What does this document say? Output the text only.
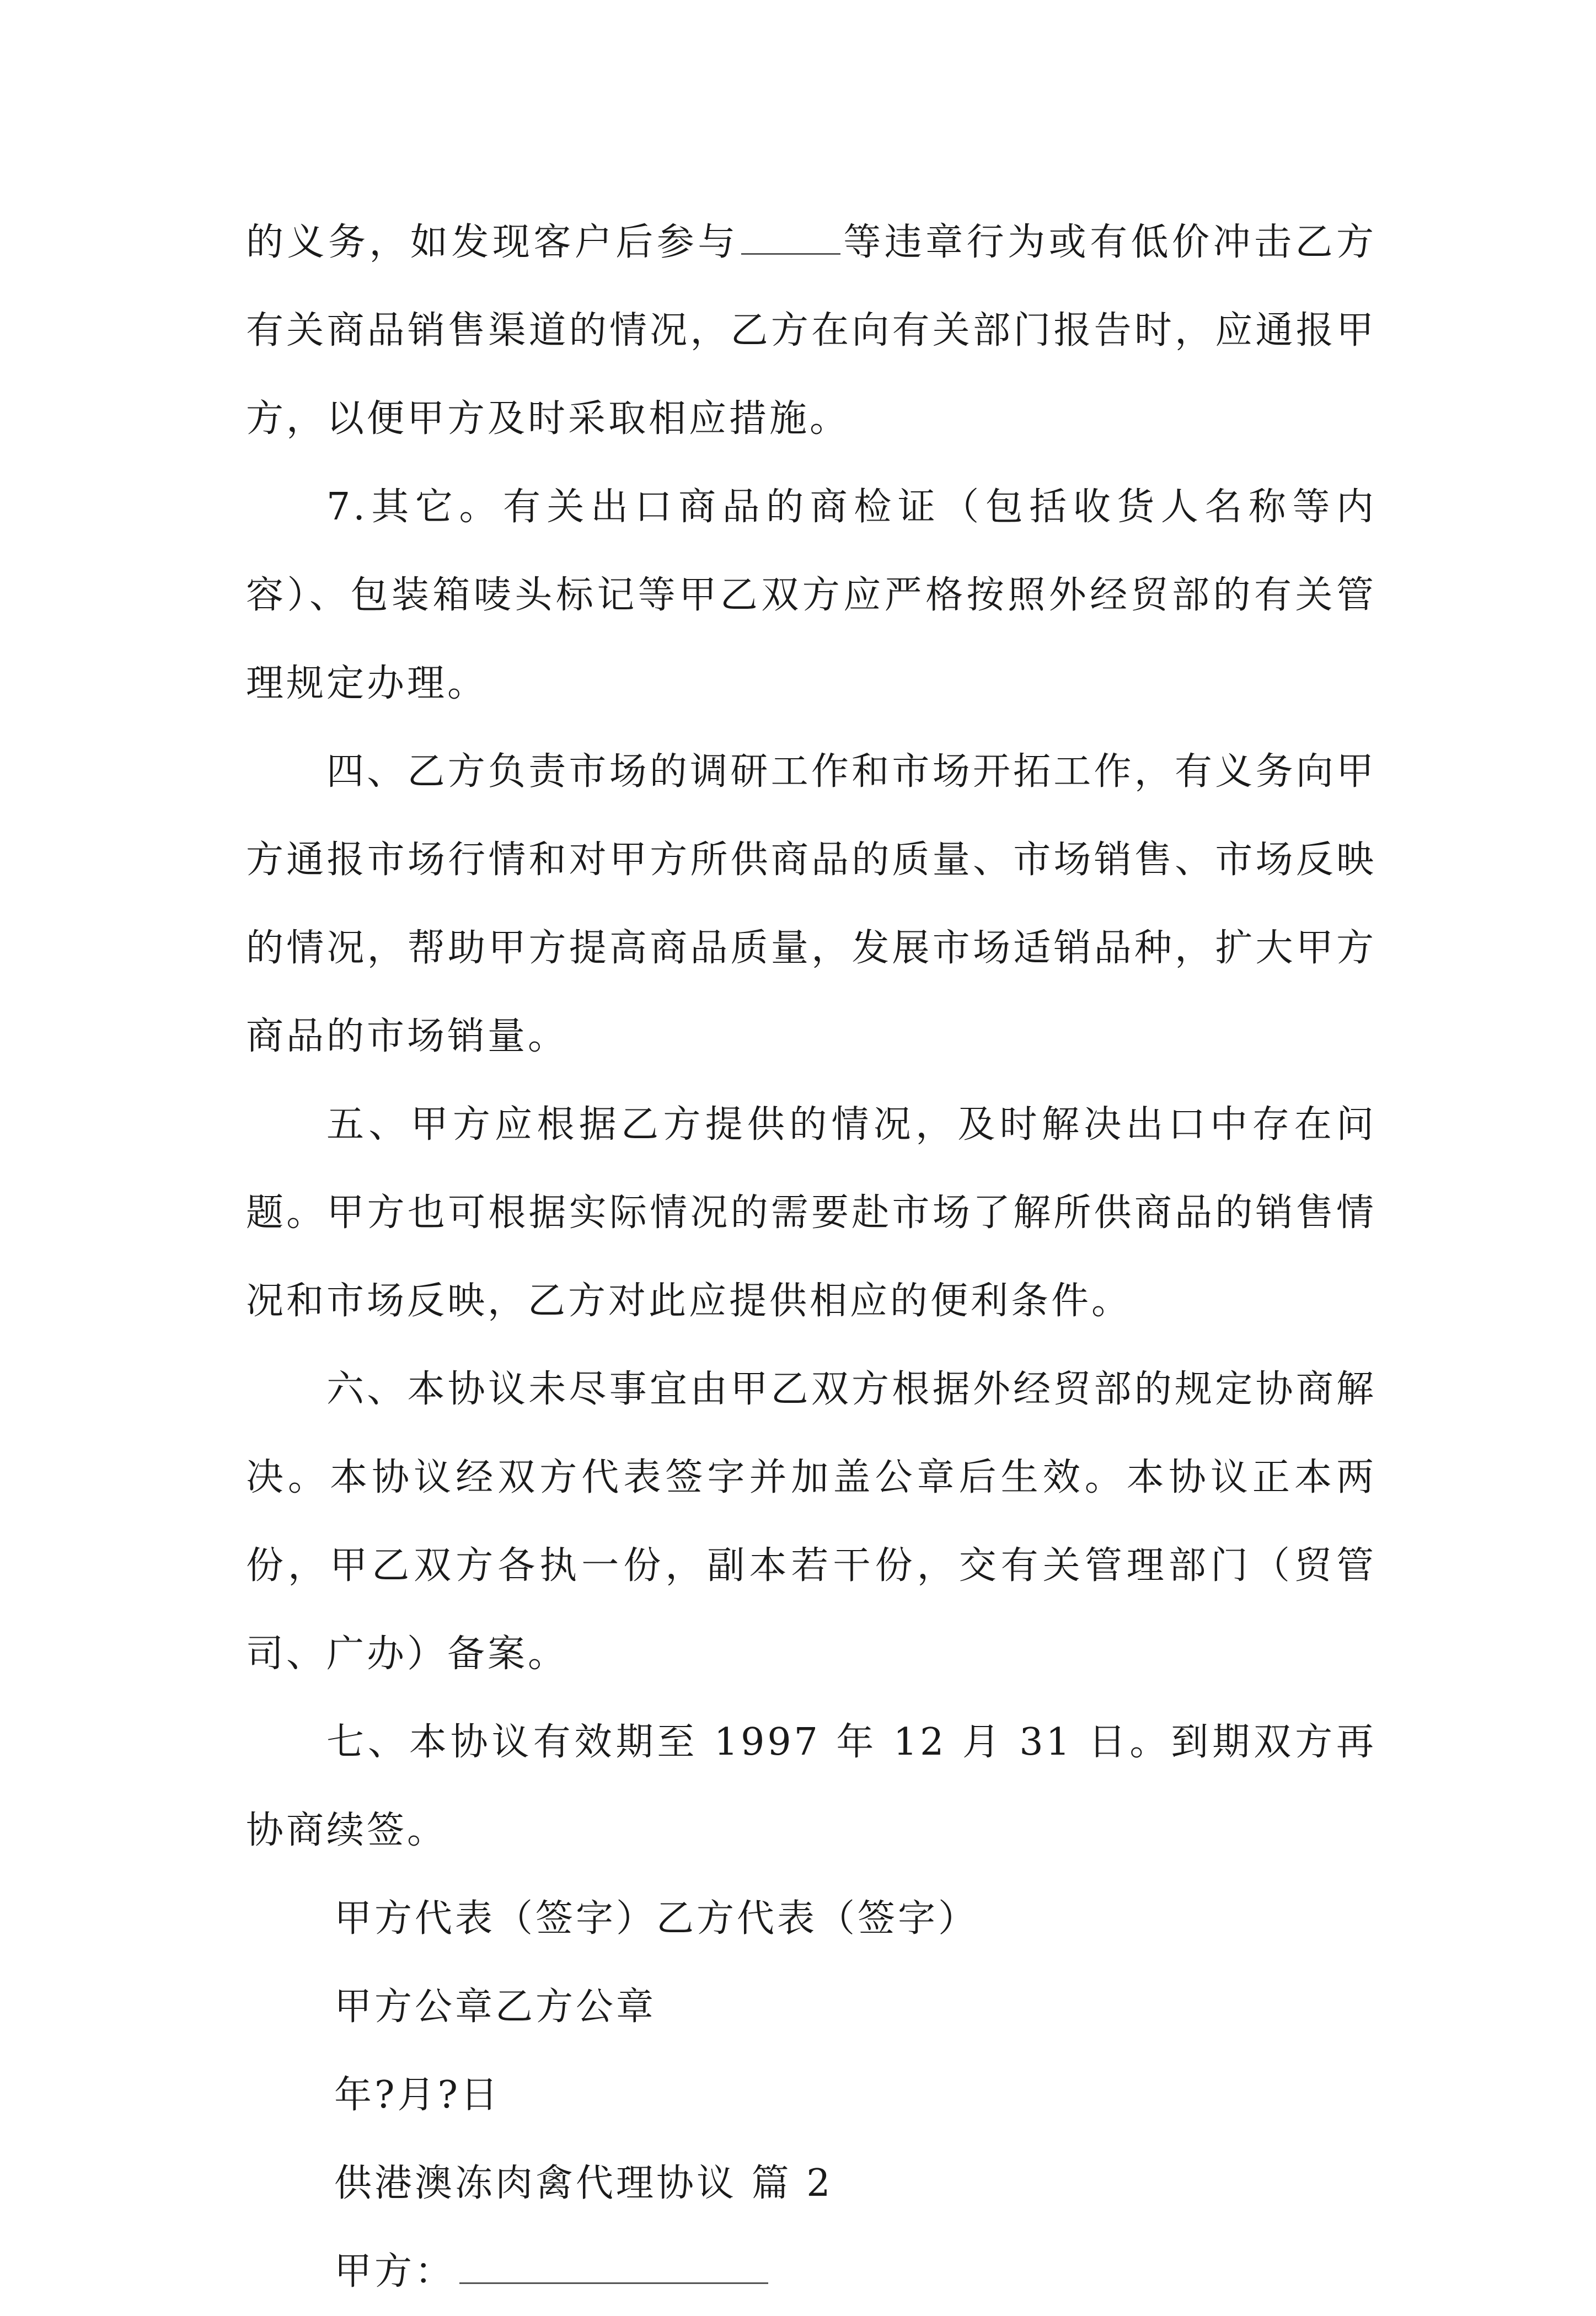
的义务，如发现客户后参与	等违章行为或有低价冲击乙方有关商品销售渠道的情况，乙方在向有关部门报告时，应通报甲方，以便甲方及时采取相应措施。

7.其它。有关出口商品的商检证（包括收货人名称等内容）、包装箱唛头标记等甲乙双方应严格按照外经贸部的有关管理规定办理。

四、乙方负责市场的调研工作和市场开拓工作，有义务向甲方通报市场行情和对甲方所供商品的质量、市场销售、市场反映的情况，帮助甲方提高商品质量，发展市场适销品种，扩大甲方商品的市场销量。

五、甲方应根据乙方提供的情况，及时解决出口中存在问题。甲方也可根据实际情况的需要赴市场了解所供商品的销售情况和市场反映，乙方对此应提供相应的便利条件。

六、本协议未尽事宜由甲乙双方根据外经贸部的规定协商解决。本协议经双方代表签字并加盖公章后生效。本协议正本两份，甲乙双方各执一份，副本若干份，交有关管理部门（贸管司、广办）备案。

七、本协议有效期至 1997 年 12 月 31 日。到期双方再协商续签。

甲方代表（签字）乙方代表（签字）

甲方公章乙方公章

年?月?日

供港澳冻肉禽代理协议 篇 2

甲方：
